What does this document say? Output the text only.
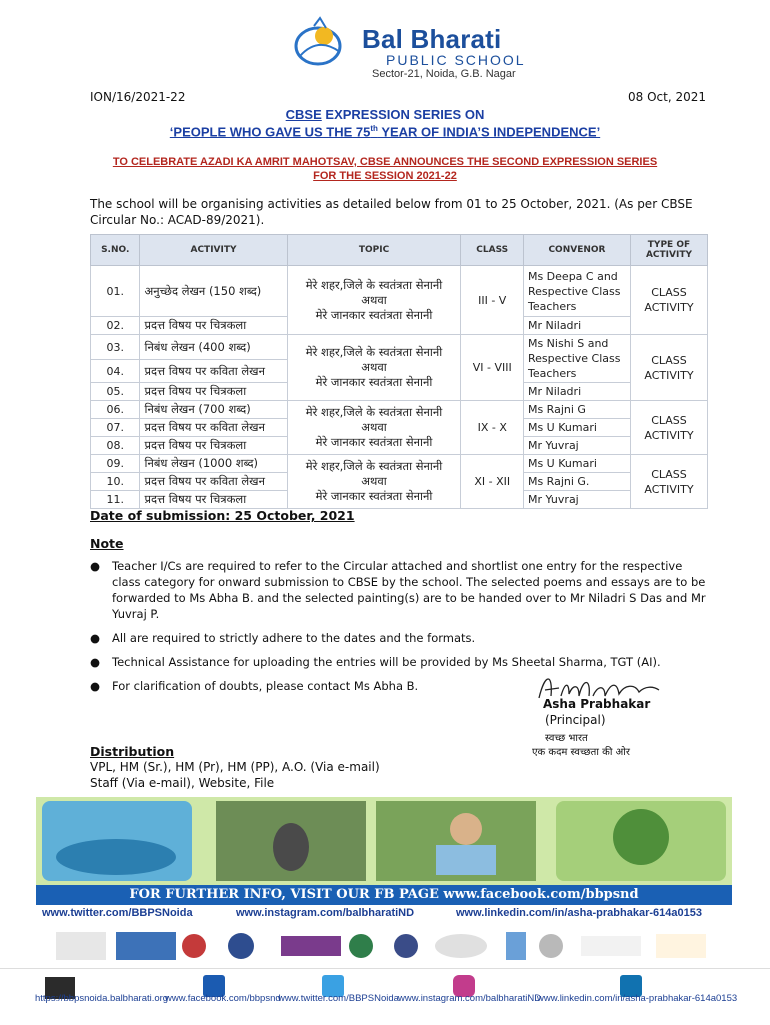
Bal Bharati
PUBLIC SCHOOL
Sector-21, Noida, G.B. Nagar
ION/16/2021-22	08 Oct, 2021
CBSE EXPRESSION SERIES ON
‘PEOPLE WHO GAVE US THE 75th YEAR OF INDIA’S INDEPENDENCE’
TO CELEBRATE AZADI KA AMRIT MAHOTSAV, CBSE ANNOUNCES THE SECOND EXPRESSION SERIES
FOR THE SESSION 2021-22
The school will be organising activities as detailed below from 01 to 25 October, 2021. (As per CBSE Circular No.: ACAD-89/2021).
S.NO.	ACTIVITY	TOPIC	CLASS	CONVENOR	TYPE OF ACTIVITY
01.	अनुच्छेद लेखन (150 शब्द)	मेरे शहर,जिले के स्वतंत्रता सेनानी
अथवा
मेरे जानकार स्वतंत्रता सेनानी	III - V	Ms Deepa C and Respective Class Teachers	CLASS ACTIVITY
02.	प्रदत्त विषय पर चित्रकला			Mr Niladri	
03.	निबंध लेखन (400 शब्द)	मेरे शहर,जिले के स्वतंत्रता सेनानी
अथवा
मेरे जानकार स्वतंत्रता सेनानी	VI - VIII	Ms Nishi S and Respective Class Teachers	CLASS ACTIVITY
04.	प्रदत्त विषय पर कविता लेखन				
05.	प्रदत्त विषय पर चित्रकला			Mr Niladri	
06.	निबंध लेखन (700 शब्द)	मेरे शहर,जिले के स्वतंत्रता सेनानी
अथवा
मेरे जानकार स्वतंत्रता सेनानी	IX - X	Ms Rajni G	CLASS ACTIVITY
07.	प्रदत्त विषय पर कविता लेखन			Ms U Kumari	
08.	प्रदत्त विषय पर चित्रकला			Mr Yuvraj	
09.	निबंध लेखन (1000 शब्द)	मेरे शहर,जिले के स्वतंत्रता सेनानी
अथवा
मेरे जानकार स्वतंत्रता सेनानी	XI - XII	Ms U Kumari	CLASS ACTIVITY
10.	प्रदत्त विषय पर कविता लेखन			Ms Rajni G.	
11.	प्रदत्त विषय पर चित्रकला			Mr Yuvraj	
Date of submission: 25 October, 2021
Note
● Teacher I/Cs are required to refer to the Circular attached and shortlist one entry for the respective class category for onward submission to CBSE by the school. The selected poems and essays are to be forwarded to Ms Abha B. and the selected painting(s) are to be handed over to Mr Niladri S Das and Mr Yuvraj P.
● All are required to strictly adhere to the dates and the formats.
● Technical Assistance for uploading the entries will be provided by Ms Sheetal Sharma, TGT (AI).
● For clarification of doubts, please contact Ms Abha B.
Asha Prabhakar
(Principal)
स्वच्छ भारत
एक कदम स्वच्छता की ओर
Distribution
VPL, HM (Sr.), HM (Pr), HM (PP), A.O. (Via e-mail)
Staff (Via e-mail), Website, File
FOR FURTHER INFO, VISIT OUR FB PAGE www.facebook.com/bbpsnd
www.twitter.com/BBPSNoida	www.instagram.com/balbharatiND	www.linkedin.com/in/asha-prabhakar-614a0153
https://bbpsnoida.balbharati.org
www.facebook.com/bbpsnd
www.twitter.com/BBPSNoida www.instagram.com/balbharatiND
www.linkedin.com/in/asha-prabhakar-614a0153
